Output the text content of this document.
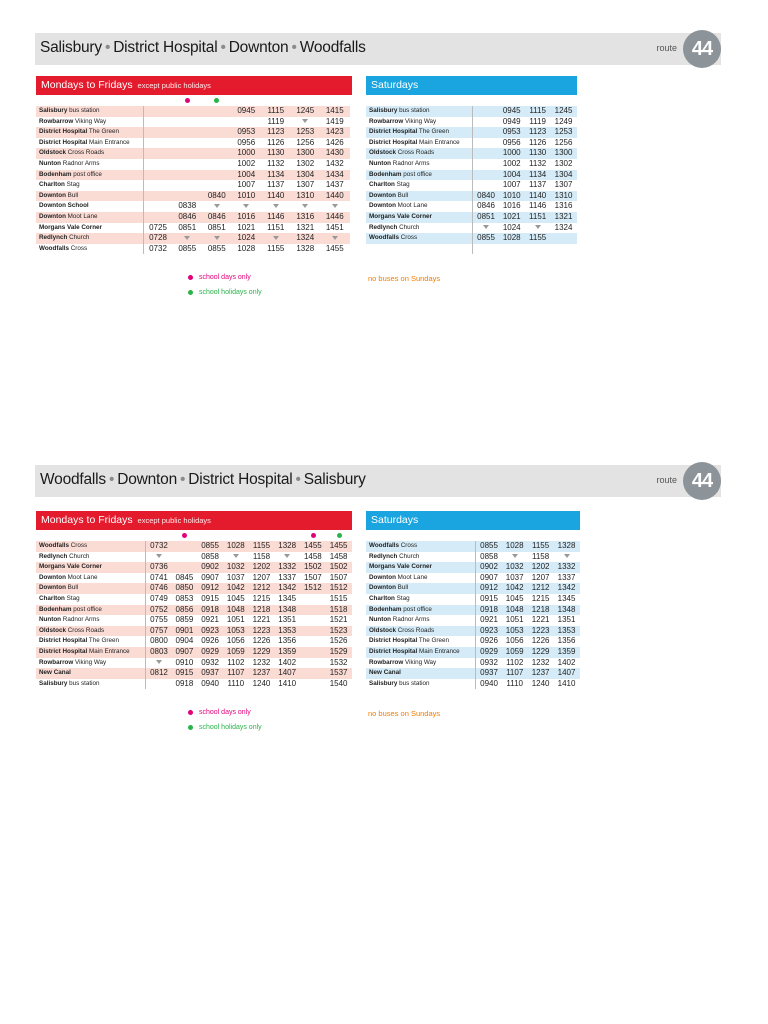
Salisbury • District Hospital • Downton • Woodfalls	route 44
Mondays to Fridays except public holidays
Salisbury bus station				0945	1115	1245	1415
Rowbarrow Viking Way					1119		1419
District Hospital The Green				0953	1123	1253	1423
District Hospital Main Entrance				0956	1126	1256	1426
Oldstock Cross Roads				1000	1130	1300	1430
Nunton Radnor Arms				1002	1132	1302	1432
Bodenham post office				1004	1134	1304	1434
Charlton Stag				1007	1137	1307	1437
Downton Bull			0840	1010	1140	1310	1440
Downton School		0838					
Downton Moot Lane		0846	0846	1016	1146	1316	1446
Morgans Vale Corner	0725	0851	0851	1021	1151	1321	1451
Redlynch Church	0728			1024		1324	
Woodfalls Cross	0732	0855	0855	1028	1155	1328	1455
school days only
school holidays only
Saturdays
Salisbury bus station		0945	1115	1245
Rowbarrow Viking Way		0949	1119	1249
District Hospital The Green		0953	1123	1253
District Hospital Main Entrance		0956	1126	1256
Oldstock Cross Roads		1000	1130	1300
Nunton Radnor Arms		1002	1132	1302
Bodenham post office		1004	1134	1304
Charlton Stag		1007	1137	1307
Downton Bull	0840	1010	1140	1310
Downton Moot Lane	0846	1016	1146	1316
Morgans Vale Corner	0851	1021	1151	1321
Redlynch Church		1024		1324
Woodfalls Cross	0855	1028	1155	

no buses on Sundays
Woodfalls • Downton • District Hospital • Salisbury	route 44
Mondays to Fridays except public holidays
Woodfalls Cross	0732		0855	1028	1155	1328	1455	1455
Redlynch Church			0858		1158		1458	1458
Morgans Vale Corner	0736		0902	1032	1202	1332	1502	1502
Downton Moot Lane	0741	0845	0907	1037	1207	1337	1507	1507
Downton Bull	0746	0850	0912	1042	1212	1342	1512	1512
Charlton Stag	0749	0853	0915	1045	1215	1345		1515
Bodenham post office	0752	0856	0918	1048	1218	1348		1518
Nunton Radnor Arms	0755	0859	0921	1051	1221	1351		1521
Oldstock Cross Roads	0757	0901	0923	1053	1223	1353		1523
District Hospital The Green	0800	0904	0926	1056	1226	1356		1526
District Hospital Main Entrance	0803	0907	0929	1059	1229	1359		1529
Rowbarrow Viking Way		0910	0932	1102	1232	1402		1532
New Canal	0812	0915	0937	1107	1237	1407		1537
Salisbury bus station		0918	0940	1110	1240	1410		1540
school days only
school holidays only
Saturdays
Woodfalls Cross	0855	1028	1155	1328
Redlynch Church	0858		1158	
Morgans Vale Corner	0902	1032	1202	1332
Downton Moot Lane	0907	1037	1207	1337
Downton Bull	0912	1042	1212	1342
Charlton Stag	0915	1045	1215	1345
Bodenham post office	0918	1048	1218	1348
Nunton Radnor Arms	0921	1051	1221	1351
Oldstock Cross Roads	0923	1053	1223	1353
District Hospital The Green	0926	1056	1226	1356
District Hospital Main Entrance	0929	1059	1229	1359
Rowbarrow Viking Way	0932	1102	1232	1402
New Canal	0937	1107	1237	1407
Salisbury bus station	0940	1110	1240	1410
no buses on Sundays
